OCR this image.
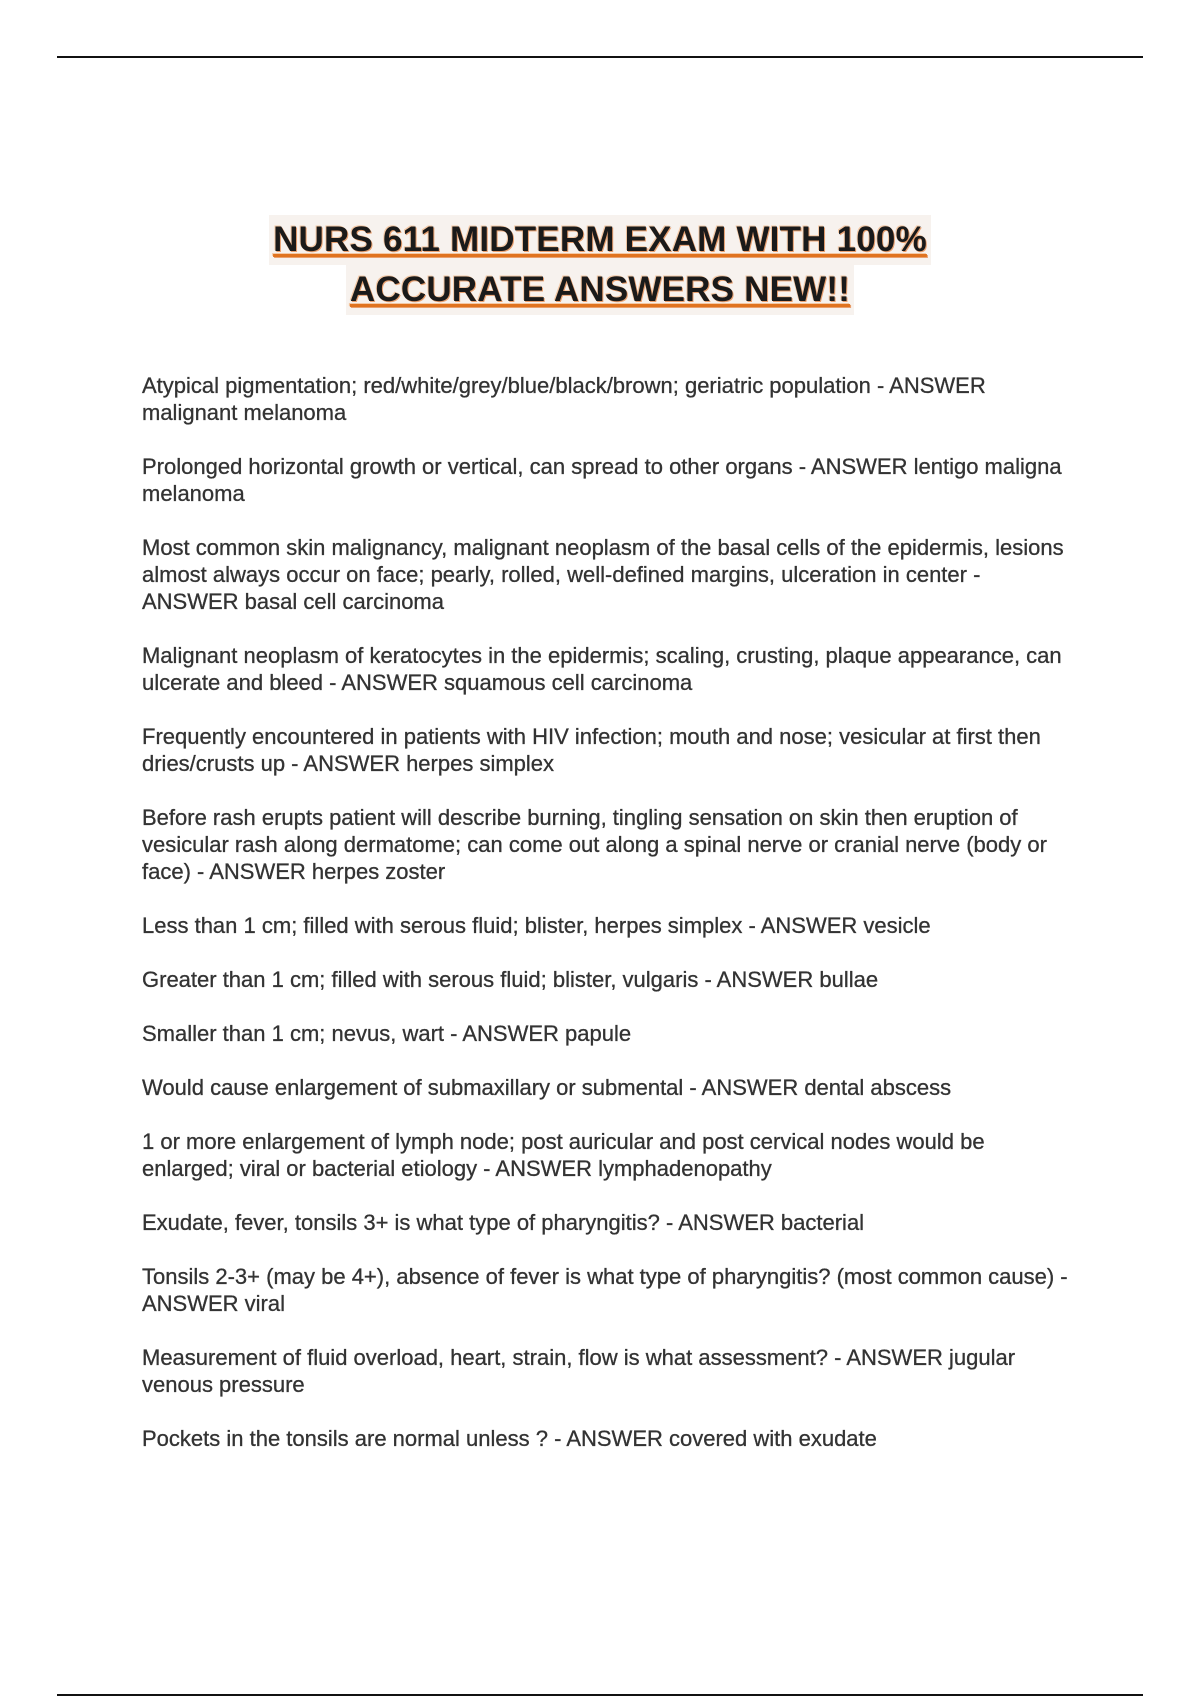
NURS 611 MIDTERM EXAM WITH 100%
ACCURATE ANSWERS NEW!!
Atypical pigmentation; red/white/grey/blue/black/brown; geriatric population - ANSWER malignant melanoma
Prolonged horizontal growth or vertical, can spread to other organs - ANSWER lentigo maligna melanoma
Most common skin malignancy, malignant neoplasm of the basal cells of the epidermis, lesions almost always occur on face; pearly, rolled, well-defined margins, ulceration in center - ANSWER basal cell carcinoma
Malignant neoplasm of keratocytes in the epidermis; scaling, crusting, plaque appearance, can ulcerate and bleed - ANSWER squamous cell carcinoma
Frequently encountered in patients with HIV infection; mouth and nose; vesicular at first then dries/crusts up - ANSWER herpes simplex
Before rash erupts patient will describe burning, tingling sensation on skin then eruption of vesicular rash along dermatome; can come out along a spinal nerve or cranial nerve (body or face) - ANSWER herpes zoster
Less than 1 cm; filled with serous fluid; blister, herpes simplex - ANSWER vesicle
Greater than 1 cm; filled with serous fluid; blister, vulgaris - ANSWER bullae
Smaller than 1 cm; nevus, wart - ANSWER papule
Would cause enlargement of submaxillary or submental - ANSWER dental abscess
1 or more enlargement of lymph node; post auricular and post cervical nodes would be enlarged; viral or bacterial etiology - ANSWER lymphadenopathy
Exudate, fever, tonsils 3+ is what type of pharyngitis? - ANSWER bacterial
Tonsils 2-3+ (may be 4+), absence of fever is what type of pharyngitis? (most common cause) - ANSWER viral
Measurement of fluid overload, heart, strain, flow is what assessment? - ANSWER jugular venous pressure
Pockets in the tonsils are normal unless ? - ANSWER covered with exudate
